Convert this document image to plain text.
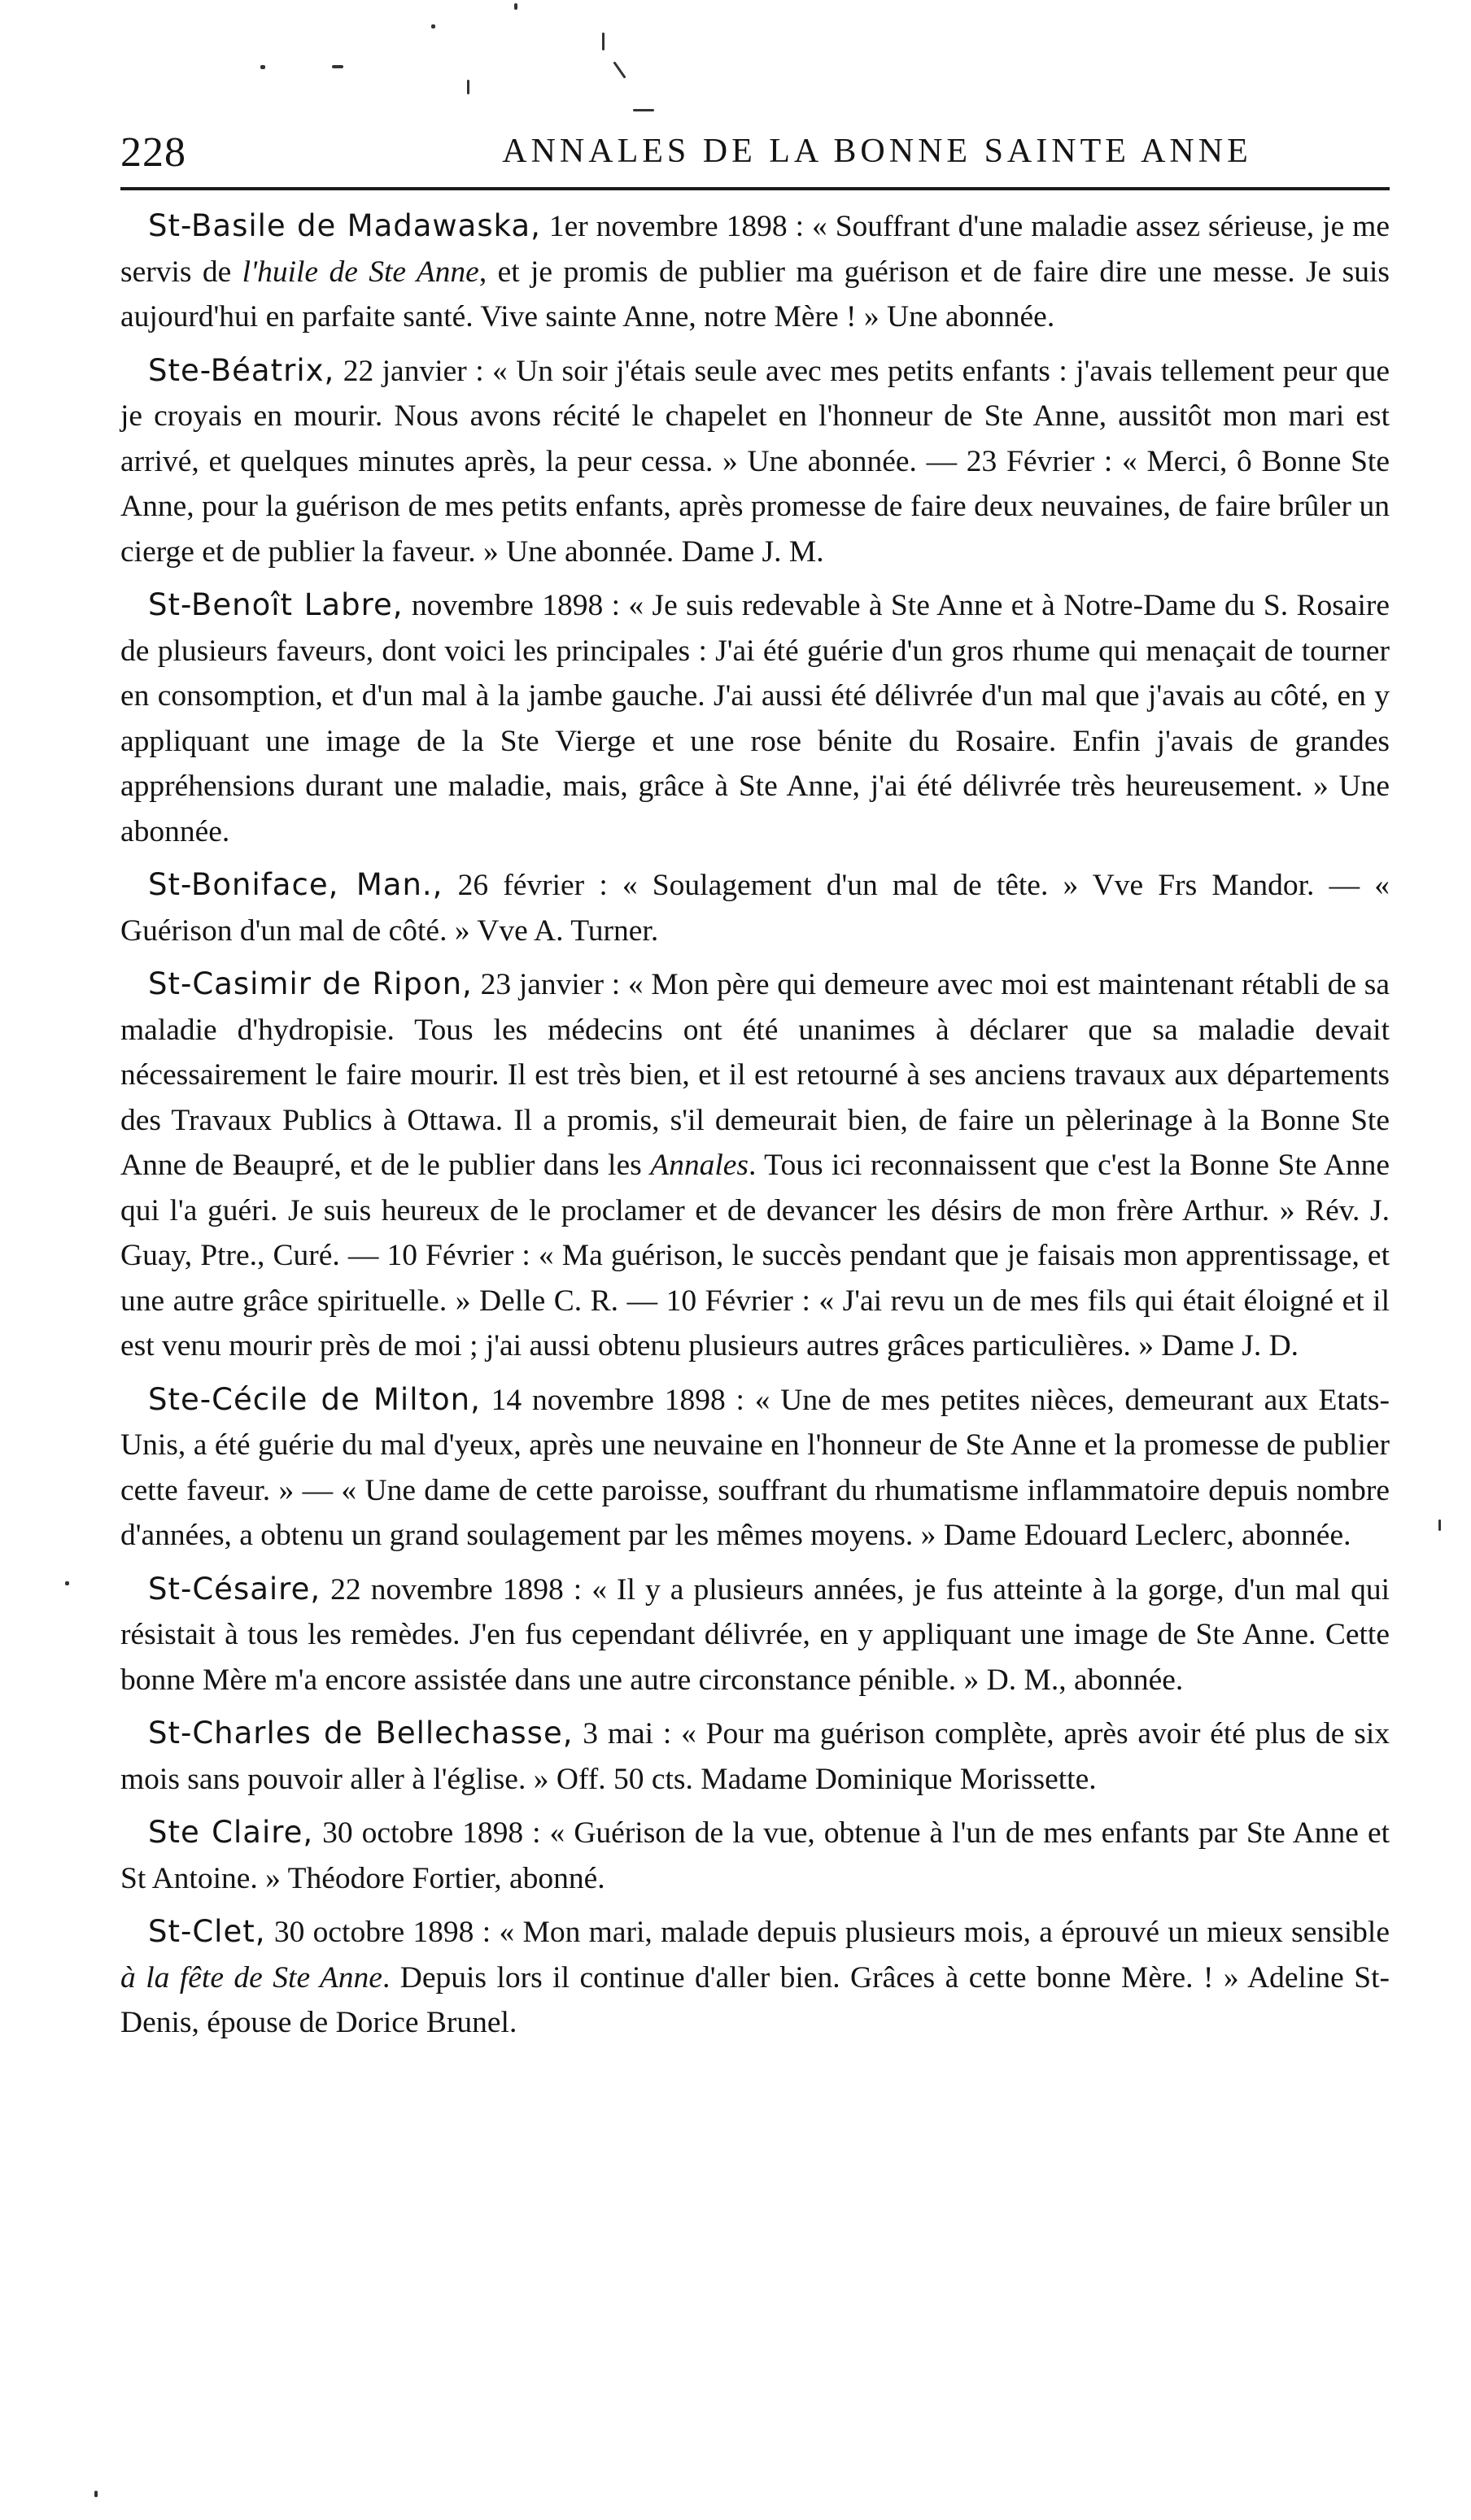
228	ANNALES DE LA BONNE SAINTE ANNE

St-Basile de Madawaska, 1er novembre 1898 : « Souffrant d'une maladie assez sérieuse, je me servis de l'huile de Ste Anne, et je promis de publier ma guérison et de faire dire une messe. Je suis aujourd'hui en parfaite santé. Vive sainte Anne, notre Mère ! » Une abonnée.

Ste-Béatrix, 22 janvier : « Un soir j'étais seule avec mes petits enfants : j'avais tellement peur que je croyais en mourir. Nous avons récité le chapelet en l'honneur de Ste Anne, aussitôt mon mari est arrivé, et quelques minutes après, la peur cessa. » Une abonnée. — 23 Février : « Merci, ô Bonne Ste Anne, pour la guérison de mes petits enfants, après promesse de faire deux neuvaines, de faire brûler un cierge et de publier la faveur. » Une abonnée. Dame J. M.

St-Benoît Labre, novembre 1898 : « Je suis redevable à Ste Anne et à Notre-Dame du S. Rosaire de plusieurs faveurs, dont voici les principales : J'ai été guérie d'un gros rhume qui menaçait de tourner en consomption, et d'un mal à la jambe gauche. J'ai aussi été délivrée d'un mal que j'avais au côté, en y appliquant une image de la Ste Vierge et une rose bénite du Rosaire. Enfin j'avais de grandes appréhensions durant une maladie, mais, grâce à Ste Anne, j'ai été délivrée très heureusement. » Une abonnée.

St-Boniface, Man., 26 février : « Soulagement d'un mal de tête. » Vve Frs Mandor. — « Guérison d'un mal de côté. » Vve A. Turner.

St-Casimir de Ripon, 23 janvier : « Mon père qui demeure avec moi est maintenant rétabli de sa maladie d'hydropisie. Tous les médecins ont été unanimes à déclarer que sa maladie devait nécessairement le faire mourir. Il est très bien, et il est retourné à ses anciens travaux aux départements des Travaux Publics à Ottawa. Il a promis, s'il demeurait bien, de faire un pèlerinage à la Bonne Ste Anne de Beaupré, et de le publier dans les Annales. Tous ici reconnaissent que c'est la Bonne Ste Anne qui l'a guéri. Je suis heureux de le proclamer et de devancer les désirs de mon frère Arthur. » Rév. J. Guay, Ptre., Curé. — 10 Février : « Ma guérison, le succès pendant que je faisais mon apprentissage, et une autre grâce spirituelle. » Delle C. R. — 10 Février : « J'ai revu un de mes fils qui était éloigné et il est venu mourir près de moi ; j'ai aussi obtenu plusieurs autres grâces particulières. » Dame J. D.

Ste-Cécile de Milton, 14 novembre 1898 : « Une de mes petites nièces, demeurant aux Etats-Unis, a été guérie du mal d'yeux, après une neuvaine en l'honneur de Ste Anne et la promesse de publier cette faveur. » — « Une dame de cette paroisse, souffrant du rhumatisme inflammatoire depuis nombre d'années, a obtenu un grand soulagement par les mêmes moyens. » Dame Edouard Leclerc, abonnée.

St-Césaire, 22 novembre 1898 : « Il y a plusieurs années, je fus atteinte à la gorge, d'un mal qui résistait à tous les remèdes. J'en fus cependant délivrée, en y appliquant une image de Ste Anne. Cette bonne Mère m'a encore assistée dans une autre circonstance pénible. » D. M., abonnée.

St-Charles de Bellechasse, 3 mai : « Pour ma guérison complète, après avoir été plus de six mois sans pouvoir aller à l'église. » Off. 50 cts. Madame Dominique Morissette.

Ste Claire, 30 octobre 1898 : « Guérison de la vue, obtenue à l'un de mes enfants par Ste Anne et St Antoine. » Théodore Fortier, abonné.

St-Clet, 30 octobre 1898 : « Mon mari, malade depuis plusieurs mois, a éprouvé un mieux sensible à la fête de Ste Anne. Depuis lors il continue d'aller bien. Grâces à cette bonne Mère. ! » Adeline St-Denis, épouse de Dorice Brunel.
